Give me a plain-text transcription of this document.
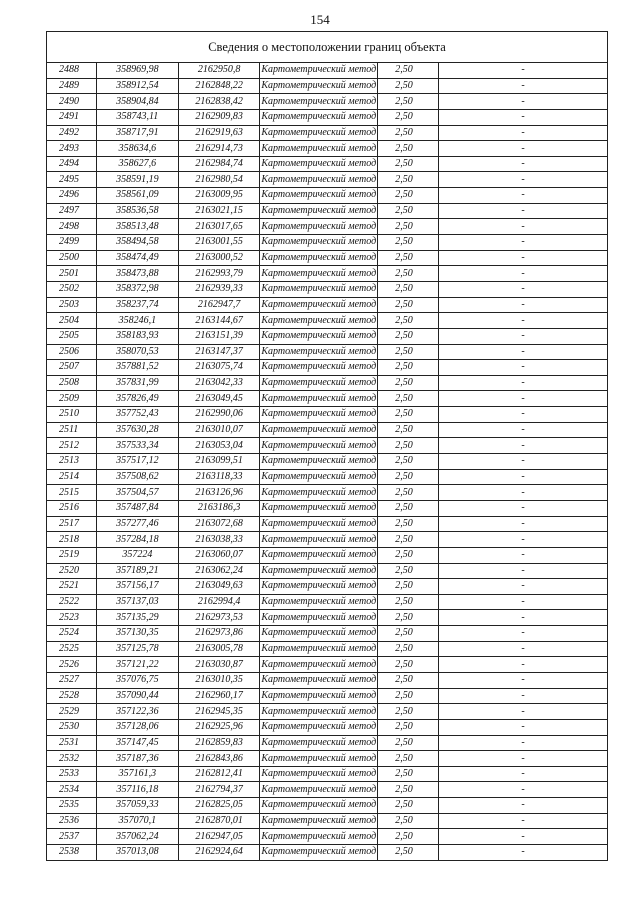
154
Сведения о местоположении границ объекта						
2488	358969,98	2162950,8	Картометрический метод	2,50		-
2489	358912,54	2162848,22	Картометрический метод	2,50		-
2490	358904,84	2162838,42	Картометрический метод	2,50		-
2491	358743,11	2162909,83	Картометрический метод	2,50		-
2492	358717,91	2162919,63	Картометрический метод	2,50		-
2493	358634,6	2162914,73	Картометрический метод	2,50		-
2494	358627,6	2162984,74	Картометрический метод	2,50		-
2495	358591,19	2162980,54	Картометрический метод	2,50		-
2496	358561,09	2163009,95	Картометрический метод	2,50		-
2497	358536,58	2163021,15	Картометрический метод	2,50		-
2498	358513,48	2163017,65	Картометрический метод	2,50		-
2499	358494,58	2163001,55	Картометрический метод	2,50		-
2500	358474,49	2163000,52	Картометрический метод	2,50		-
2501	358473,88	2162993,79	Картометрический метод	2,50		-
2502	358372,98	2162939,33	Картометрический метод	2,50		-
2503	358237,74	2162947,7	Картометрический метод	2,50		-
2504	358246,1	2163144,67	Картометрический метод	2,50		-
2505	358183,93	2163151,39	Картометрический метод	2,50		-
2506	358070,53	2163147,37	Картометрический метод	2,50		-
2507	357881,52	2163075,74	Картометрический метод	2,50		-
2508	357831,99	2163042,33	Картометрический метод	2,50		-
2509	357826,49	2163049,45	Картометрический метод	2,50		-
2510	357752,43	2162990,06	Картометрический метод	2,50		-
2511	357630,28	2163010,07	Картометрический метод	2,50		-
2512	357533,34	2163053,04	Картометрический метод	2,50		-
2513	357517,12	2163099,51	Картометрический метод	2,50		-
2514	357508,62	2163118,33	Картометрический метод	2,50		-
2515	357504,57	2163126,96	Картометрический метод	2,50		-
2516	357487,84	2163186,3	Картометрический метод	2,50		-
2517	357277,46	2163072,68	Картометрический метод	2,50		-
2518	357284,18	2163038,33	Картометрический метод	2,50		-
2519	357224	2163060,07	Картометрический метод	2,50		-
2520	357189,21	2163062,24	Картометрический метод	2,50		-
2521	357156,17	2163049,63	Картометрический метод	2,50		-
2522	357137,03	2162994,4	Картометрический метод	2,50		-
2523	357135,29	2162973,53	Картометрический метод	2,50		-
2524	357130,35	2162973,86	Картометрический метод	2,50		-
2525	357125,78	2163005,78	Картометрический метод	2,50		-
2526	357121,22	2163030,87	Картометрический метод	2,50		-
2527	357076,75	2163010,35	Картометрический метод	2,50		-
2528	357090,44	2162960,17	Картометрический метод	2,50		-
2529	357122,36	2162945,35	Картометрический метод	2,50		-
2530	357128,06	2162925,96	Картометрический метод	2,50		-
2531	357147,45	2162859,83	Картометрический метод	2,50		-
2532	357187,36	2162843,86	Картометрический метод	2,50		-
2533	357161,3	2162812,41	Картометрический метод	2,50		-
2534	357116,18	2162794,37	Картометрический метод	2,50		-
2535	357059,33	2162825,05	Картометрический метод	2,50		-
2536	357070,1	2162870,01	Картометрический метод	2,50		-
2537	357062,24	2162947,05	Картометрический метод	2,50		-
2538	357013,08	2162924,64	Картометрический метод	2,50		-
